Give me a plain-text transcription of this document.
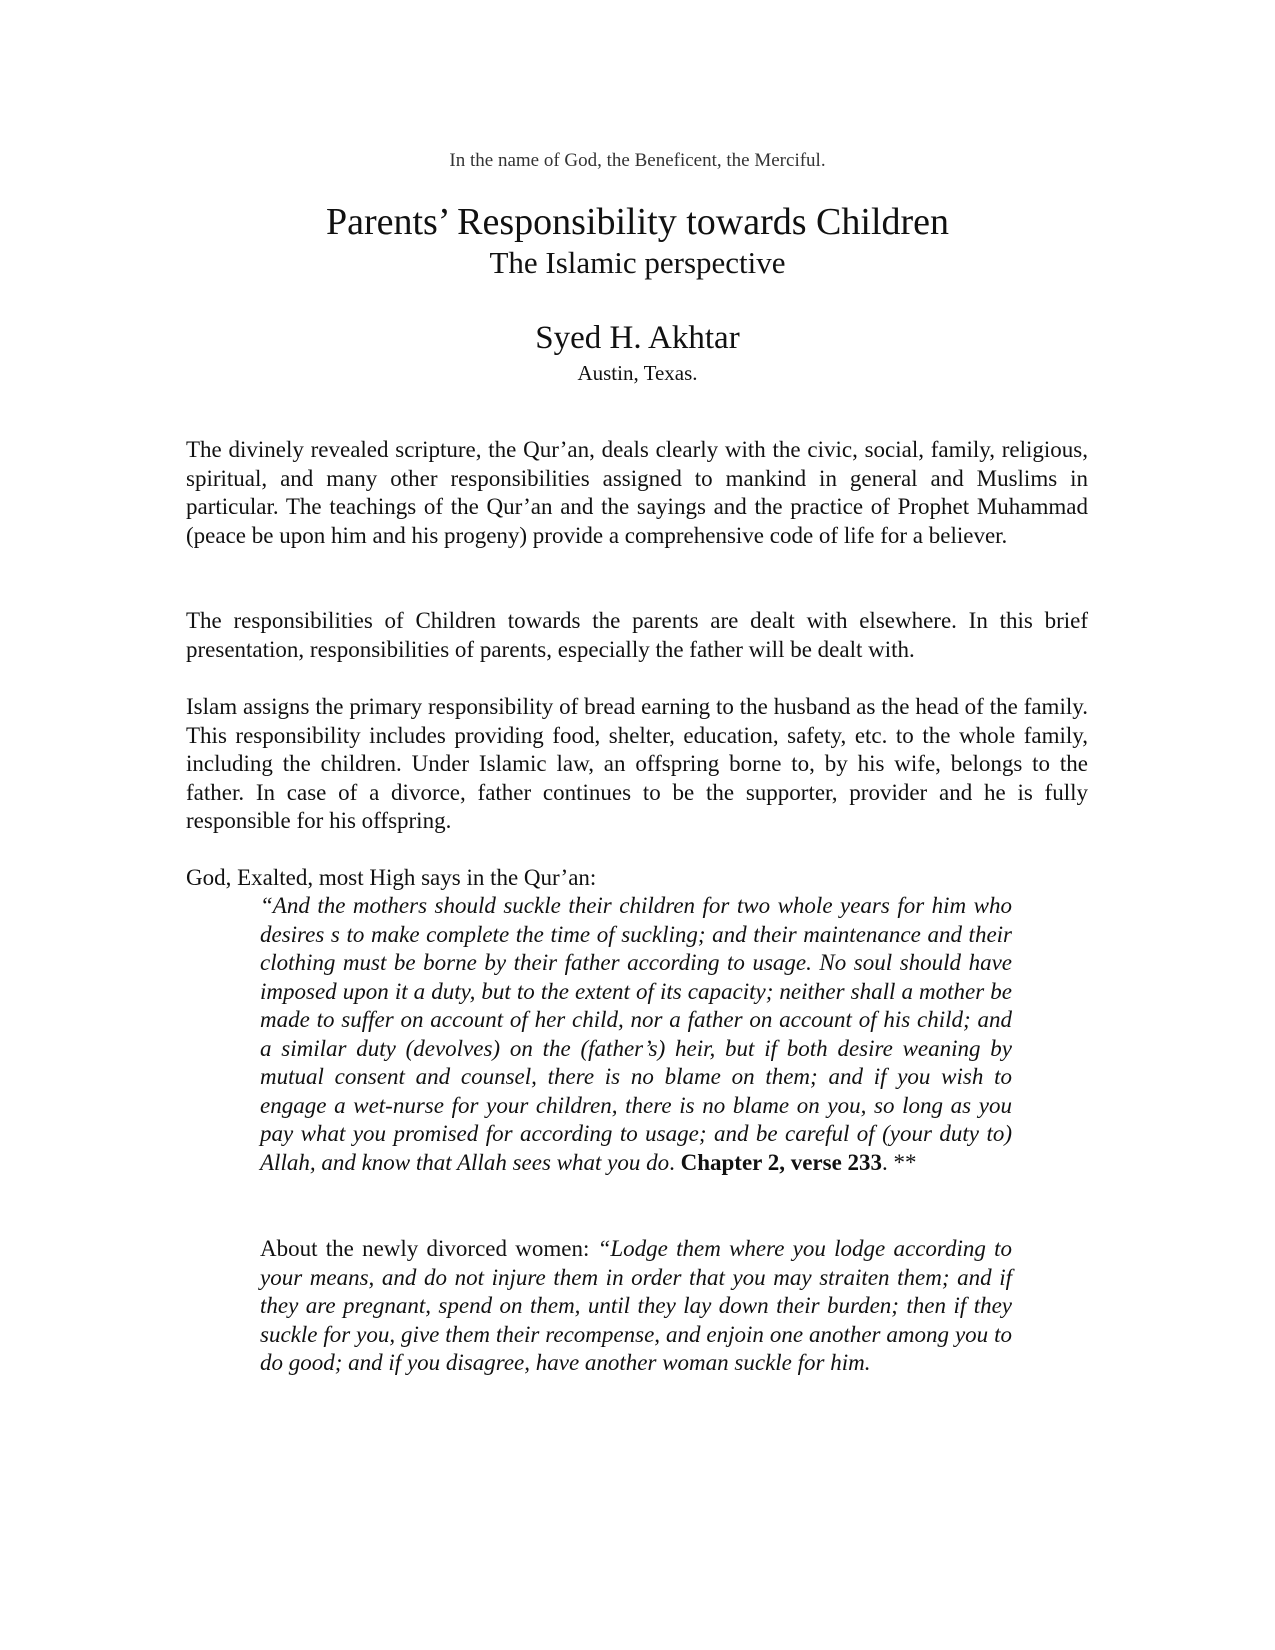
In the name of God, the Beneficent, the Merciful.
Parents’ Responsibility towards Children
The Islamic perspective
Syed H. Akhtar
Austin, Texas.

The divinely revealed scripture, the Qur’an, deals clearly with the civic, social, family, religious, spiritual, and many other responsibilities assigned to mankind in general and Muslims in particular. The teachings of the Qur’an and the sayings and the practice of Prophet Muhammad (peace be upon him and his progeny) provide a comprehensive code of life for a believer.

The responsibilities of Children towards the parents are dealt with elsewhere. In this brief presentation, responsibilities of parents, especially the father will be dealt with.

Islam assigns the primary responsibility of bread earning to the husband as the head of the family. This responsibility includes providing food, shelter, education, safety, etc. to the whole family, including the children. Under Islamic law, an offspring borne to, by his wife, belongs to the father. In case of a divorce, father continues to be the supporter, provider and he is fully responsible for his offspring.

God, Exalted, most High says in the Qur’an:

“And the mothers should suckle their children for two whole years for him who desires s to make complete the time of suckling; and their maintenance and their clothing must be borne by their father according to usage. No soul should have imposed upon it a duty, but to the extent of its capacity; neither shall a mother be made to suffer on account of her child, nor a father on account of his child; and a similar duty (devolves) on the (father’s) heir, but if both desire weaning by mutual consent and counsel, there is no blame on them; and if you wish to engage a wet-nurse for your children, there is no blame on you, so long as you pay what you promised for according to usage; and be careful of (your duty to) Allah, and know that Allah sees what you do. Chapter 2, verse 233. **

About the newly divorced women: “Lodge them where you lodge according to your means, and do not injure them in order that you may straiten them; and if they are pregnant, spend on them, until they lay down their burden; then if they suckle for you, give them their recompense, and enjoin one another among you to do good; and if you disagree, have another woman suckle for him.
